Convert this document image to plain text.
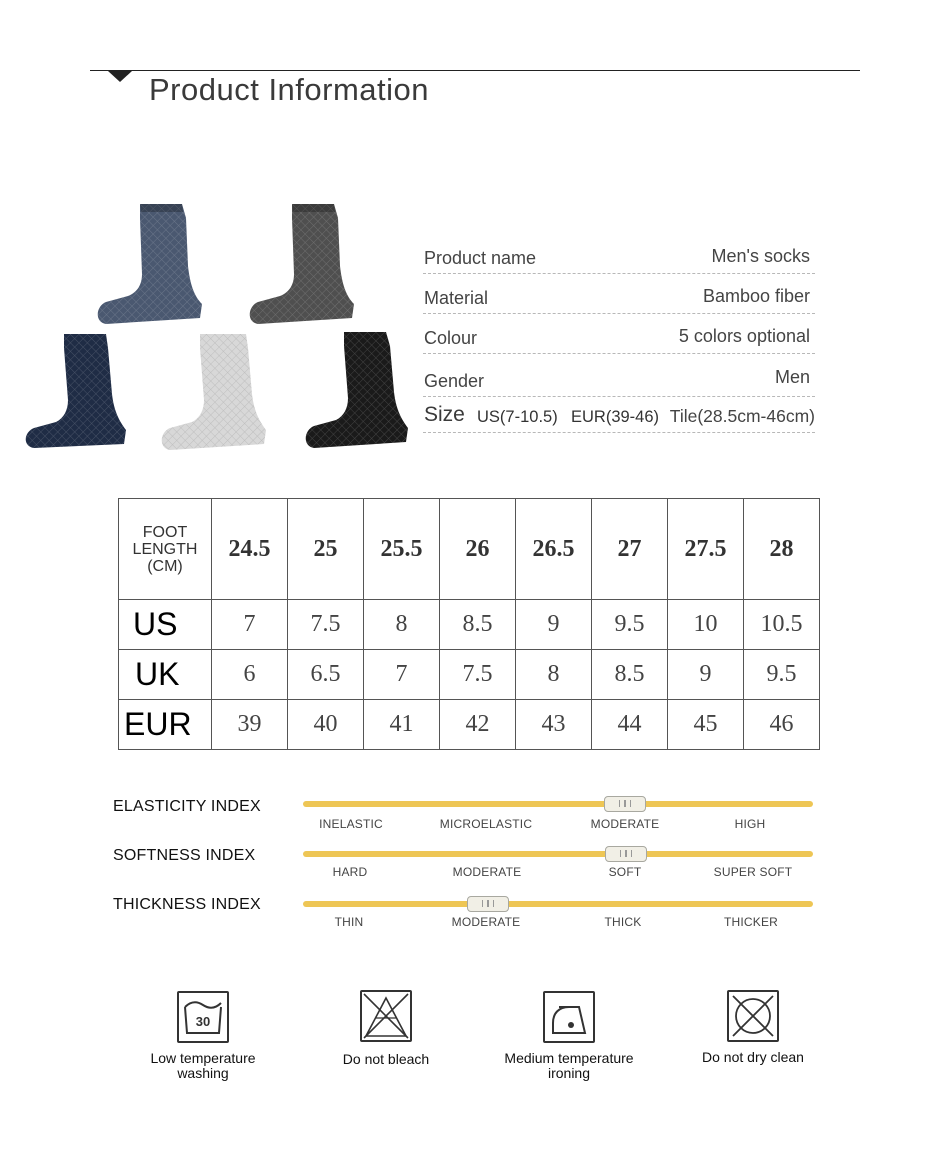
Product Information
Product name	Men's socks
Material	Bamboo fiber
Colour	5 colors optional
Gender	Men
Size US(7-10.5) EUR(39-46) Tile(28.5cm-46cm)
FOOT
LENGTH
(CM)	24.5	25	25.5	26	26.5	27	27.5	28
US	7	7.5	8	8.5	9	9.5	10	10.5
UK	6	6.5	7	7.5	8	8.5	9	9.5
EUR	39	40	41	42	43	44	45	46
ELASTICITY INDEX
INELASTIC	MICROELASTIC	MODERATE	HIGH
SOFTNESS INDEX
HARD	MODERATE	SOFT	SUPER SOFT
THICKNESS INDEX
THIN	MODERATE	THICK	THICKER
30
Low temperature
washing
Do not bleach	Medium temperature
ironing
Do not dry clean
